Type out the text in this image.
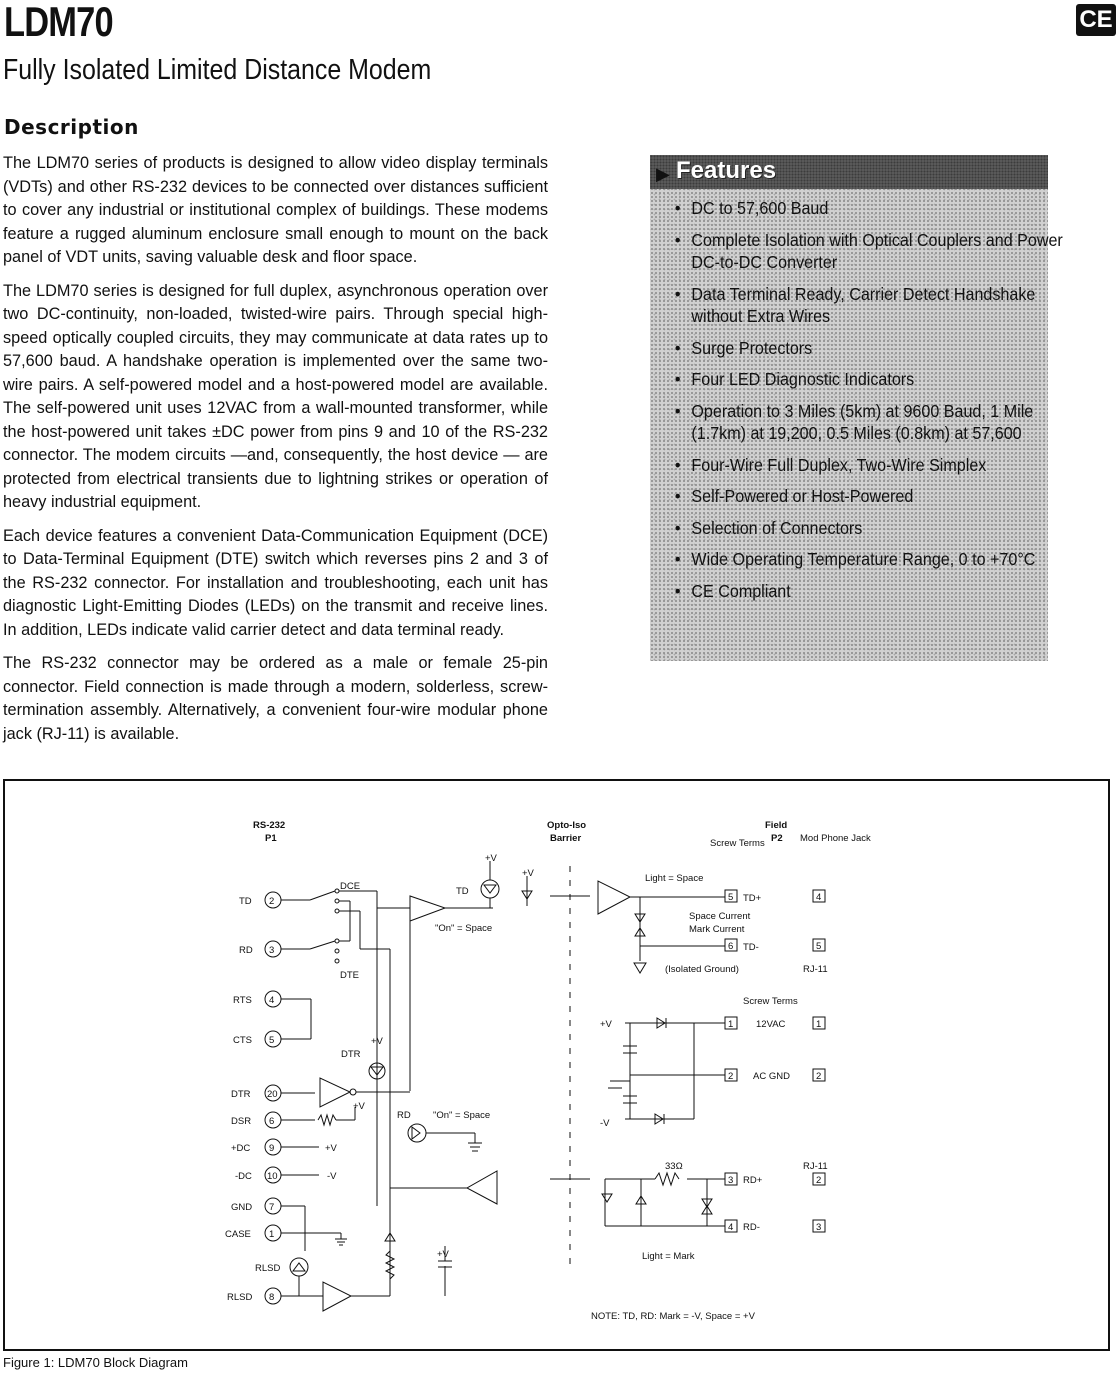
LDM70	CE
Fully Isolated Limited Distance Modem
Description

The LDM70 series of products is designed to allow video display terminals (VDTs) and other RS-232 devices to be connected over distances sufficient to cover any industrial or institutional complex of buildings. These modems feature a rugged aluminum enclosure small enough to mount on the back panel of VDT units, saving valuable desk and floor space.

The LDM70 series is designed for full duplex, asynchronous operation over two DC-continuity, non-loaded, twisted-wire pairs. Through special high-speed optically coupled circuits, they may communicate at data rates up to 57,600 baud. A handshake operation is implemented over the same two-wire pairs. A self-powered model and a host-powered model are available. The self-powered unit uses 12VAC from a wall-mounted transformer, while the host-powered unit takes ±DC power from pins 9 and 10 of the RS-232 connector. The modem circuits —and, consequently, the host device — are protected from electrical transients due to lightning strikes or operation of heavy industrial equipment.

Each device features a convenient Data-Communication Equipment (DCE) to Data-Terminal Equipment (DTE) switch which reverses pins 2 and 3 of the RS-232 connector. For installation and troubleshooting, each unit has diagnostic Light-Emitting Diodes (LEDs) on the transmit and receive lines. In addition, LEDs indicate valid carrier detect and data terminal ready.

The RS-232 connector may be ordered as a male or female 25-pin connector. Field connection is made through a modern, solderless, screw-termination assembly. Alternatively, a convenient four-wire modular phone jack (RJ-11) is available.

▶ Features
• DC to 57,600 Baud
• Complete Isolation with Optical Couplers and Power DC-to-DC Converter
• Data Terminal Ready, Carrier Detect Handshake without Extra Wires
• Surge Protectors
• Four LED Diagnostic Indicators
• Operation to 3 Miles (5km) at 9600 Baud, 1 Mile (1.7km) at 19,200, 0.5 Miles (0.8km) at 57,600
• Four-Wire Full Duplex, Two-Wire Simplex
• Self-Powered or Host-Powered
• Selection of Connectors
• Wide Operating Temperature Range, 0 to +70°C
• CE Compliant
RS-232
P1
Opto-Iso
Barrier
Field
P2
Screw Terms	Mod Phone Jack
DCE
DTE
TD 2
RD 3
RTS 4
CTS 5
DTR 20
DSR 6
+DC 9
-DC 10
GND 7
CASE 1
RLSD 8
RLSD
+V
+V
TD
"On" = Space
+V
DTR
+V
+V
-V
RD "On" = Space
+V
Light = Space
Space Current
Mark Current
(Isolated Ground)	RJ-11
Screw Terms
+V
-V
33Ω	RJ-11
Light = Mark
5 TD+	4
6 TD-	5
1 12VAC	1
2 AC GND	2
3 RD+	2
4 RD-	3
NOTE: TD, RD: Mark = -V, Space = +V
Figure 1: LDM70 Block Diagram
